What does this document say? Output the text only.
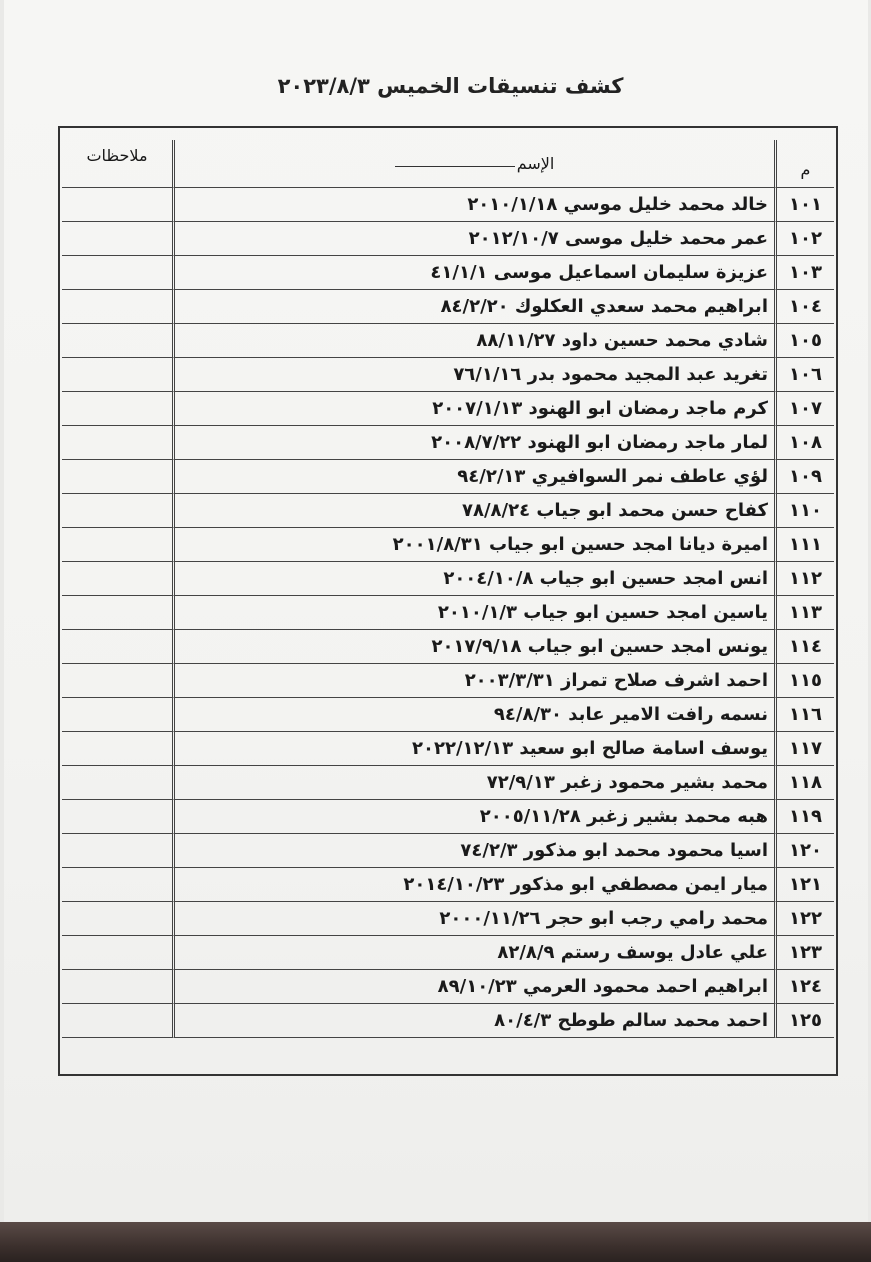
كشف تنسيقات الخميس ٢٠٢٣/٨/٣
م	الإسم	ملاحظات
١٠١	خالد محمد خليل موسي ٢٠١٠/١/١٨	
١٠٢	عمر محمد خليل موسى ٢٠١٢/١٠/٧	
١٠٣	عزيزة سليمان اسماعيل موسى ٤١/١/١	
١٠٤	ابراهيم محمد سعدي العكلوك ٨٤/٢/٢٠	
١٠٥	شادي محمد حسين داود ٨٨/١١/٢٧	
١٠٦	تغريد عبد المجيد محمود بدر ٧٦/١/١٦	
١٠٧	كرم ماجد رمضان ابو الهنود ٢٠٠٧/١/١٣	
١٠٨	لمار ماجد رمضان ابو الهنود ٢٠٠٨/٧/٢٢	
١٠٩	لؤي عاطف نمر السوافيري ٩٤/٢/١٣	
١١٠	كفاح حسن محمد ابو جياب ٧٨/٨/٢٤	
١١١	اميرة ديانا امجد حسين ابو جياب ٢٠٠١/٨/٣١	
١١٢	انس امجد حسين ابو جياب ٢٠٠٤/١٠/٨	
١١٣	ياسين امجد حسين ابو جياب ٢٠١٠/١/٣	
١١٤	يونس امجد حسين ابو جياب ٢٠١٧/٩/١٨	
١١٥	احمد اشرف صلاح تمراز ٢٠٠٣/٣/٣١	
١١٦	نسمه رافت الامير عابد ٩٤/٨/٣٠	
١١٧	يوسف اسامة صالح ابو سعيد ٢٠٢٢/١٢/١٣	
١١٨	محمد بشير محمود زغبر ٧٢/٩/١٣	
١١٩	هبه محمد بشير زغبر ٢٠٠٥/١١/٢٨	
١٢٠	اسيا محمود محمد ابو مذكور ٧٤/٢/٣	
١٢١	ميار ايمن مصطفي ابو مذكور ٢٠١٤/١٠/٢٣	
١٢٢	محمد رامي رجب ابو حجر ٢٠٠٠/١١/٢٦	
١٢٣	علي عادل يوسف رستم ٨٢/٨/٩	
١٢٤	ابراهيم احمد محمود العرمي ٨٩/١٠/٢٣	
١٢٥	احمد محمد سالم طوطح ٨٠/٤/٣	
